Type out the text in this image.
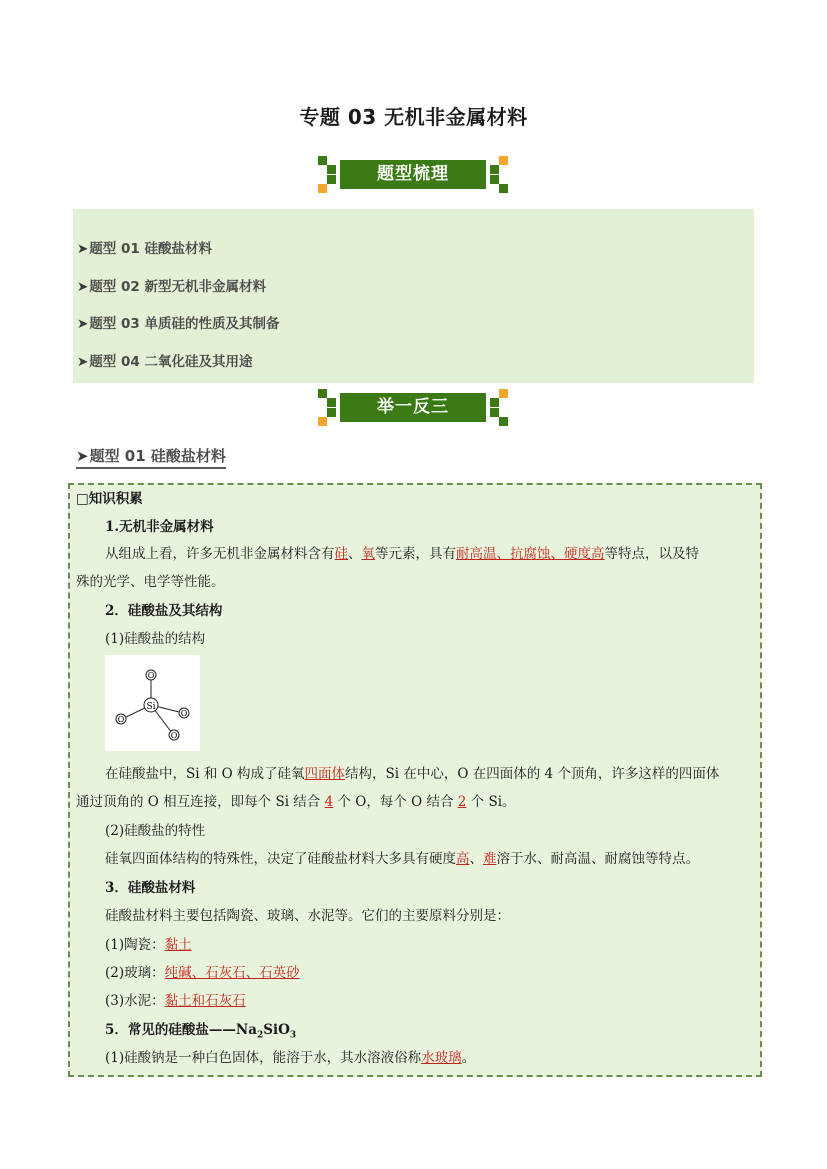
专题 03 无机非金属材料
题型梳理
➤题型 01 硅酸盐材料
➤题型 02 新型无机非金属材料
➤题型 03 单质硅的性质及其制备
➤题型 04 二氧化硅及其用途
举一反三
➤题型 01 硅酸盐材料
□知识积累
1.无机非金属材料
从组成上看，许多无机非金属材料含有硅、氧等元素，具有耐高温、抗腐蚀、硬度高等特点，以及特
殊的光学、电学等性能。
2．硅酸盐及其结构
(1)硅酸盐的结构
Si
O
O
O
O
在硅酸盐中，Si 和 O 构成了硅氧四面体结构，Si 在中心，O 在四面体的 4 个顶角，许多这样的四面体
通过顶角的 O 相互连接，即每个 Si 结合 4 个 O，每个 O 结合 2 个 Si。
(2)硅酸盐的特性
硅氧四面体结构的特殊性，决定了硅酸盐材料大多具有硬度高、难溶于水、耐高温、耐腐蚀等特点。
3．硅酸盐材料
硅酸盐材料主要包括陶瓷、玻璃、水泥等。它们的主要原料分别是：
(1)陶瓷：黏土
(2)玻璃：纯碱、石灰石、石英砂
(3)水泥：黏土和石灰石
5．常见的硅酸盐$——Na_2SiO_3$
(1)硅酸钠是一种白色固体，能溶于水，其水溶液俗称水玻璃。
